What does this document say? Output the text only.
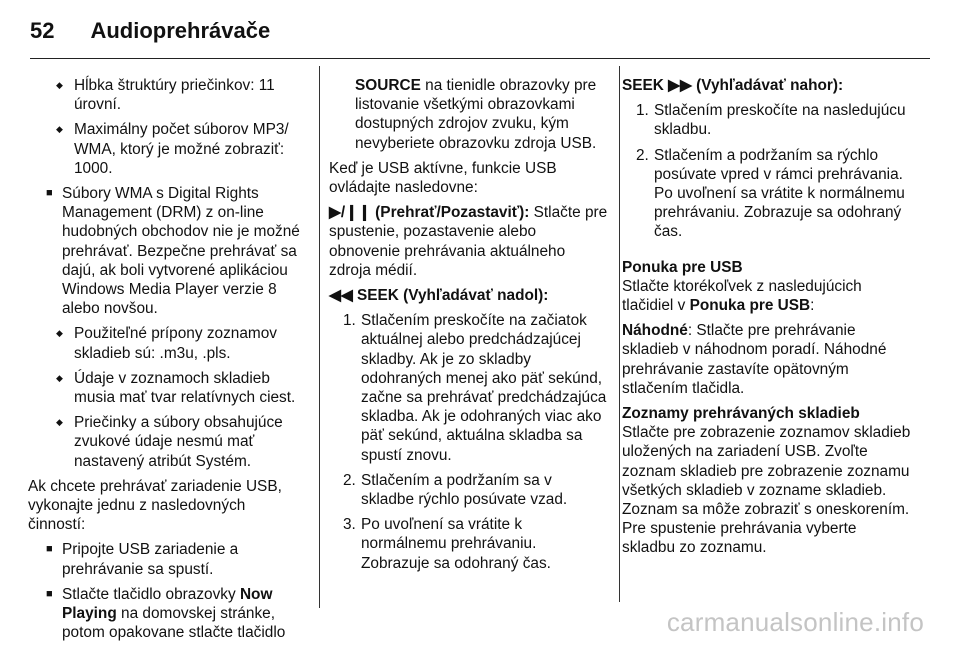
52 Audioprehrávače
◆ Hĺbka štruktúry priečinkov: 11 úrovní.
◆ Maximálny počet súborov MP3/ WMA, ktorý je možné zobraziť: 1000.
■ Súbory WMA s Digital Rights Management (DRM) z on-line hudobných obchodov nie je možné prehrávať. Bezpečne prehrávať sa dajú, ak boli vytvorené aplikáciou Windows Media Player verzie 8 alebo novšou.
◆ Použiteľné prípony zoznamov skladieb sú: .m3u, .pls.
◆ Údaje v zoznamoch skladieb musia mať tvar relatívnych ciest.
◆ Priečinky a súbory obsahujúce zvukové údaje nesmú mať nastavený atribút Systém.

Ak chcete prehrávať zariadenie USB, vykonajte jednu z nasledovných činností:

■ Pripojte USB zariadenie a prehrávanie sa spustí.
■ Stlačte tlačidlo obrazovky Now Playing na domovskej stránke, potom opakovane stlačte tlačidlo

SOURCE na tienidle obrazovky pre listovanie všetkými obrazovkami dostupných zdrojov zvuku, kým nevyberiete obrazovku zdroja USB.

Keď je USB aktívne, funkcie USB ovládajte nasledovne:

▶/❙❙ (Prehrať/Pozastaviť): Stlačte pre spustenie, pozastavenie alebo obnovenie prehrávania aktuálneho zdroja médií.

◀◀ SEEK (Vyhľadávať nadol):

1. Stlačením preskočíte na začiatok aktuálnej alebo predchádzajúcej skladby. Ak je zo skladby odohraných menej ako päť sekúnd, začne sa prehrávať predchádzajúca skladba. Ak je odohraných viac ako päť sekúnd, aktuálna skladba sa spustí znovu.
2. Stlačením a podržaním sa v skladbe rýchlo posúvate vzad.
3. Po uvoľnení sa vrátite k normálnemu prehrávaniu. Zobrazuje sa odohraný čas.

SEEK ▶▶ (Vyhľadávať nahor):

1. Stlačením preskočíte na nasledujúcu skladbu.
2. Stlačením a podržaním sa rýchlo posúvate vpred v rámci prehrávania. Po uvoľnení sa vrátite k normálnemu prehrávaniu. Zobrazuje sa odohraný čas.

Ponuka pre USB

Stlačte ktorékoľvek z nasledujúcich tlačidiel v Ponuka pre USB:

Náhodné: Stlačte pre prehrávanie skladieb v náhodnom poradí. Náhodné prehrávanie zastavíte opätovným stlačením tlačidla.

Zoznamy prehrávaných skladieb

Stlačte pre zobrazenie zoznamov skladieb uložených na zariadení USB. Zvoľte zoznam skladieb pre zobrazenie zoznamu všetkých skladieb v zozname skladieb. Zoznam sa môže zobraziť s oneskorením. Pre spustenie prehrávania vyberte skladbu zo zoznamu.

carmanualsonline.info
